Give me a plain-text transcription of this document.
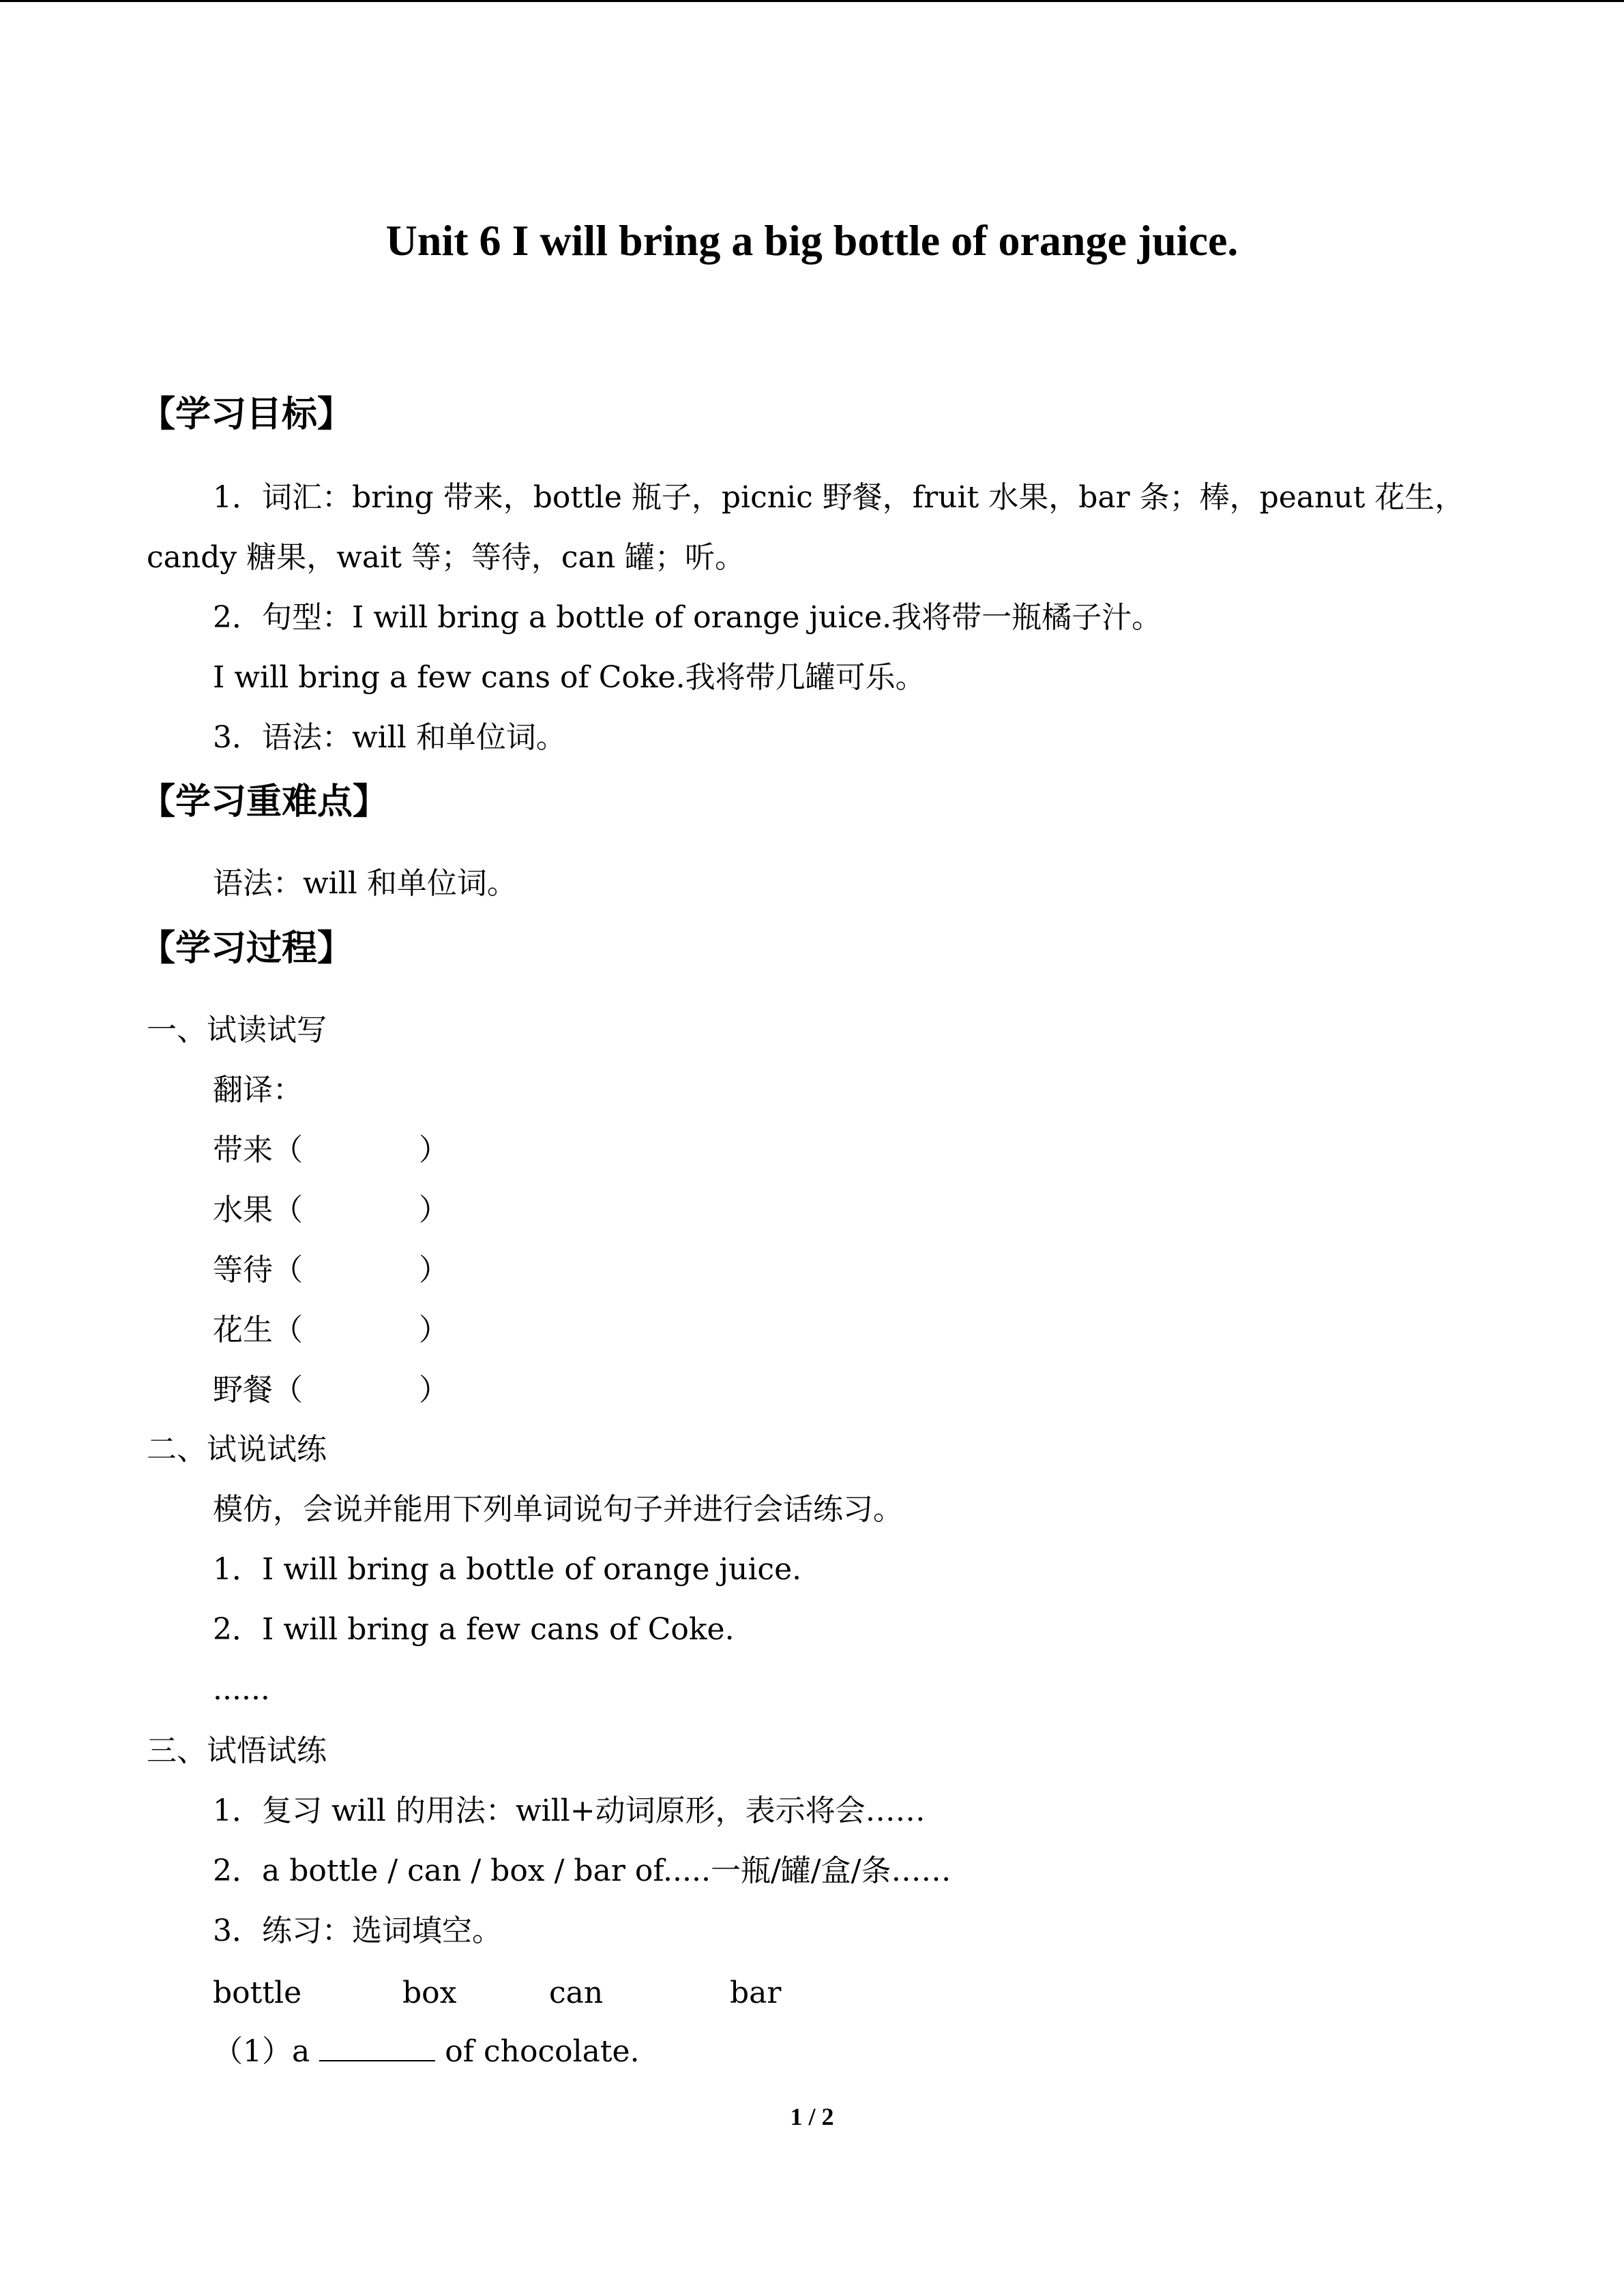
Unit 6 I will bring a big bottle of orange juice.
【学习目标】
1．词汇：bring 带来，bottle 瓶子，picnic 野餐，fruit 水果，bar 条；棒，peanut 花生，
candy 糖果，wait 等；等待，can 罐；听。
2．句型：I will bring a bottle of orange juice.我将带一瓶橘子汁。
I will bring a few cans of Coke.我将带几罐可乐。
3．语法：will 和单位词。
【学习重难点】
语法：will 和单位词。
【学习过程】
一、试读试写
翻译：
带来（	）
水果（	）
等待（	）
花生（	）
野餐（	）
二、试说试练
模仿，会说并能用下列单词说句子并进行会话练习。
1．I will bring a bottle of orange juice.
2．I will bring a few cans of Coke.
......
三、试悟试练
1．复习 will 的用法：will+动词原形，表示将会……
2．a bottle / can / box / bar of.....一瓶/罐/盒/条……
3．练习：选词填空。
bottle	box	can	bar
（1）a	of chocolate.
1 / 2
